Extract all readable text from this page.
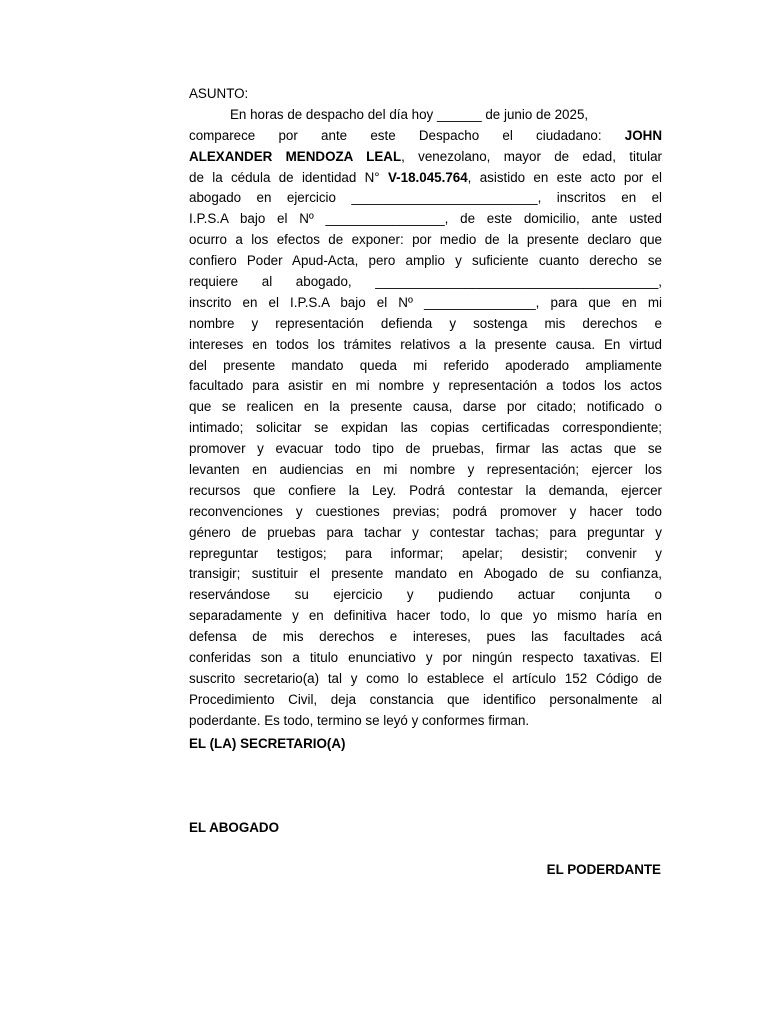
ASUNTO:
En horas de despacho del día hoy ______ de junio de 2025,
comparece por ante este Despacho el ciudadano: JOHN
ALEXANDER MENDOZA LEAL, venezolano, mayor de edad, titular
de la cédula de identidad N° V-18.045.764, asistido en este acto por el
abogado en ejercicio _________________________, inscritos en el
I.P.S.A bajo el Nº ________________, de este domicilio, ante usted
ocurro a los efectos de exponer: por medio de la presente declaro que
confiero Poder Apud-Acta, pero amplio y suficiente cuanto derecho se
requiere al abogado, ______________________________________,
inscrito en el I.P.S.A bajo el Nº _______________, para que en mi
nombre y representación defienda y sostenga mis derechos e
intereses en todos los trámites relativos a la presente causa. En virtud
del presente mandato queda mi referido apoderado ampliamente
facultado para asistir en mi nombre y representación a todos los actos
que se realicen en la presente causa, darse por citado; notificado o
intimado; solicitar se expidan las copias certificadas correspondiente;
promover y evacuar todo tipo de pruebas, firmar las actas que se
levanten en audiencias en mi nombre y representación; ejercer los
recursos que confiere la Ley. Podrá contestar la demanda, ejercer
reconvenciones y cuestiones previas; podrá promover y hacer todo
género de pruebas para tachar y contestar tachas; para preguntar y
repreguntar testigos; para informar; apelar; desistir; convenir y
transigir; sustituir el presente mandato en Abogado de su confianza,
reservándose su ejercicio y pudiendo actuar conjunta o
separadamente y en definitiva hacer todo, lo que yo mismo haría en
defensa de mis derechos e intereses, pues las facultades acá
conferidas son a titulo enunciativo y por ningún respecto taxativas. El
suscrito secretario(a) tal y como lo establece el artículo 152 Código de
Procedimiento Civil, deja constancia que identifico personalmente al
poderdante. Es todo, termino se leyó y conformes firman.
EL (LA) SECRETARIO(A)
EL ABOGADO
EL PODERDANTE
